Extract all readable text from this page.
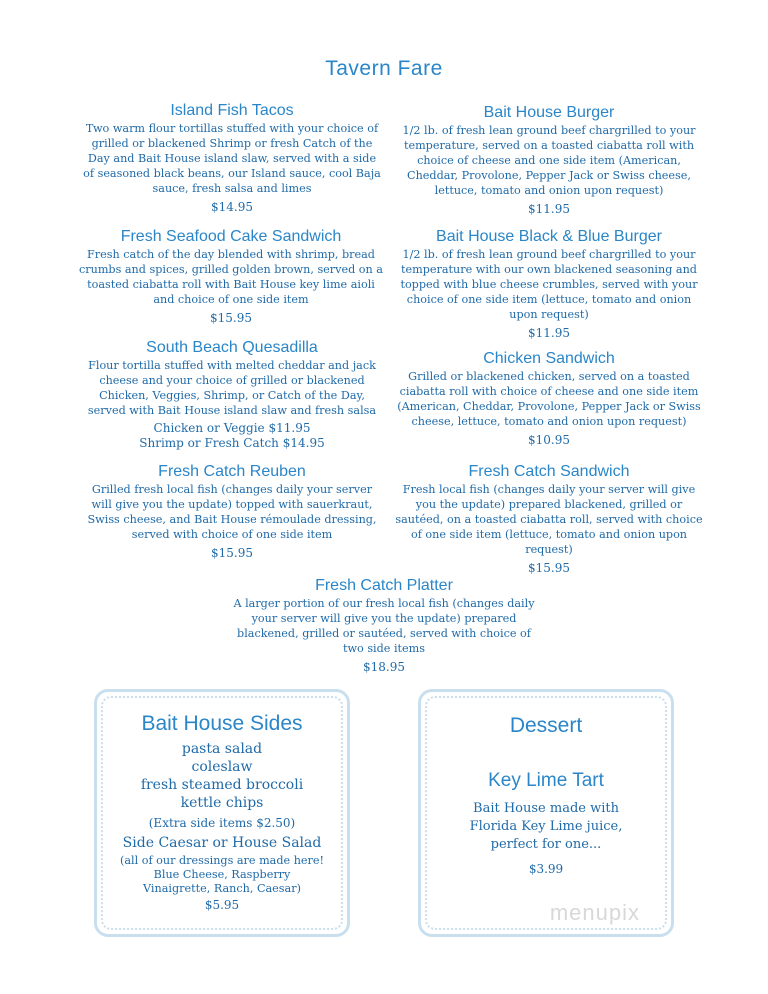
Tavern Fare
Island Fish Tacos

Two warm flour tortillas stuffed with your choice of grilled or blackened Shrimp or fresh Catch of the Day and Bait House island slaw, served with a side of seasoned black beans, our Island sauce, cool Baja sauce, fresh salsa and limes

$14.95

Fresh Seafood Cake Sandwich

Fresh catch of the day blended with shrimp, bread crumbs and spices, grilled golden brown, served on a toasted ciabatta roll with Bait House key lime aioli and choice of one side item

$15.95

South Beach Quesadilla

Flour tortilla stuffed with melted cheddar and jack cheese and your choice of grilled or blackened Chicken, Veggies, Shrimp, or Catch of the Day, served with Bait House island slaw and fresh salsa

Chicken or Veggie $11.95

Shrimp or Fresh Catch $14.95

Fresh Catch Reuben

Grilled fresh local fish (changes daily your server will give you the update) topped with sauerkraut, Swiss cheese, and Bait House rémoulade dressing, served with choice of one side item

$15.95

Bait House Burger

1/2 lb. of fresh lean ground beef chargrilled to your temperature, served on a toasted ciabatta roll with choice of cheese and one side item (American, Cheddar, Provolone, Pepper Jack or Swiss cheese, lettuce, tomato and onion upon request)

$11.95

Bait House Black & Blue Burger

1/2 lb. of fresh lean ground beef chargrilled to your temperature with our own blackened seasoning and topped with blue cheese crumbles, served with your choice of one side item (lettuce, tomato and onion upon request)

$11.95

Chicken Sandwich

Grilled or blackened chicken, served on a toasted ciabatta roll with choice of cheese and one side item (American, Cheddar, Provolone, Pepper Jack or Swiss cheese, lettuce, tomato and onion upon request)

$10.95

Fresh Catch Sandwich

Fresh local fish (changes daily your server will give you the update) prepared blackened, grilled or sautéed, on a toasted ciabatta roll, served with choice of one side item (lettuce, tomato and onion upon request)

$15.95

Fresh Catch Platter

A larger portion of our fresh local fish (changes daily your server will give you the update) prepared blackened, grilled or sautéed, served with choice of two side items

$18.95

Bait House Sides
pasta salad
coleslaw
fresh steamed broccoli
kettle chips
(Extra side items $2.50)
Side Caesar or House Salad
(all of our dressings are made here! Blue Cheese, Raspberry Vinaigrette, Ranch, Caesar)
$5.95
Dessert
Key Lime Tart
Bait House made with Florida Key Lime juice, perfect for one...
$3.99
menupix
